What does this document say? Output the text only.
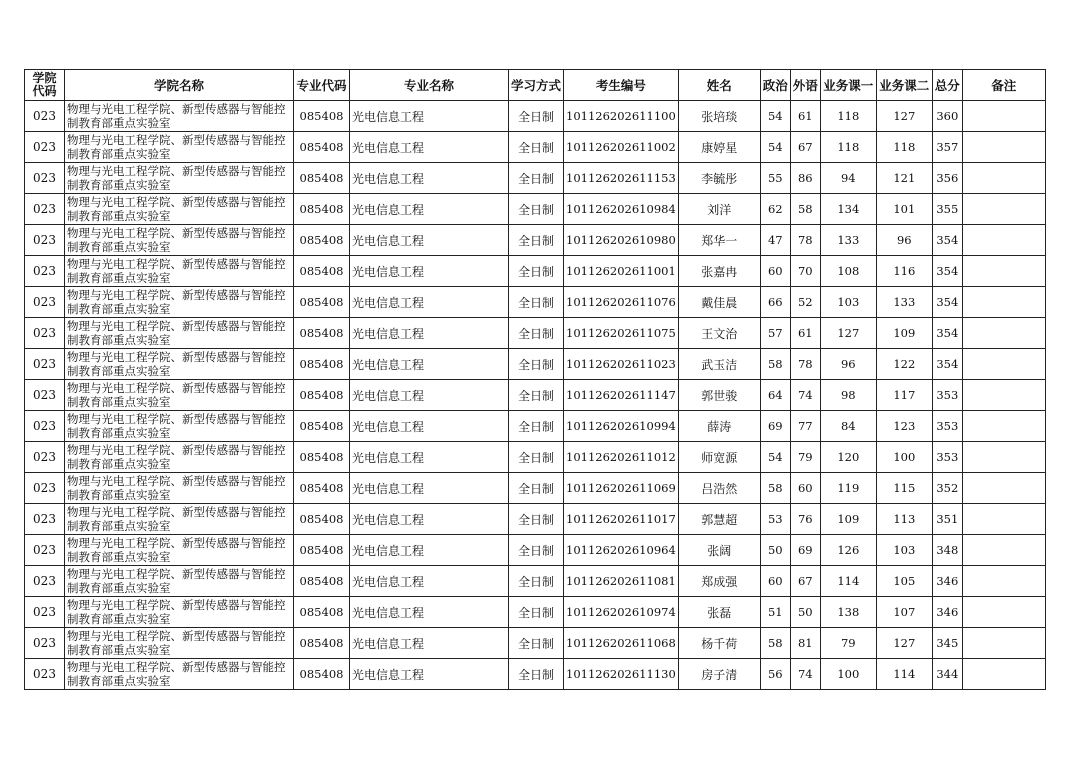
学院代码	学院名称	专业代码	专业名称	学习方式	考生编号	姓名	政治	外语	业务课一	业务课二	总分	备注
023	物理与光电工程学院、新型传感器与智能控制教育部重点实验室	085408	光电信息工程	全日制	101126202611100	张培琰	54	61	118	127	360	
023	物理与光电工程学院、新型传感器与智能控制教育部重点实验室	085408	光电信息工程	全日制	101126202611002	康婷星	54	67	118	118	357	
023	物理与光电工程学院、新型传感器与智能控制教育部重点实验室	085408	光电信息工程	全日制	101126202611153	李毓彤	55	86	94	121	356	
023	物理与光电工程学院、新型传感器与智能控制教育部重点实验室	085408	光电信息工程	全日制	101126202610984	刘洋	62	58	134	101	355	
023	物理与光电工程学院、新型传感器与智能控制教育部重点实验室	085408	光电信息工程	全日制	101126202610980	郑华一	47	78	133	96	354	
023	物理与光电工程学院、新型传感器与智能控制教育部重点实验室	085408	光电信息工程	全日制	101126202611001	张嘉冉	60	70	108	116	354	
023	物理与光电工程学院、新型传感器与智能控制教育部重点实验室	085408	光电信息工程	全日制	101126202611076	戴佳晨	66	52	103	133	354	
023	物理与光电工程学院、新型传感器与智能控制教育部重点实验室	085408	光电信息工程	全日制	101126202611075	王文治	57	61	127	109	354	
023	物理与光电工程学院、新型传感器与智能控制教育部重点实验室	085408	光电信息工程	全日制	101126202611023	武玉洁	58	78	96	122	354	
023	物理与光电工程学院、新型传感器与智能控制教育部重点实验室	085408	光电信息工程	全日制	101126202611147	郭世骏	64	74	98	117	353	
023	物理与光电工程学院、新型传感器与智能控制教育部重点实验室	085408	光电信息工程	全日制	101126202610994	薛涛	69	77	84	123	353	
023	物理与光电工程学院、新型传感器与智能控制教育部重点实验室	085408	光电信息工程	全日制	101126202611012	师宽源	54	79	120	100	353	
023	物理与光电工程学院、新型传感器与智能控制教育部重点实验室	085408	光电信息工程	全日制	101126202611069	吕浩然	58	60	119	115	352	
023	物理与光电工程学院、新型传感器与智能控制教育部重点实验室	085408	光电信息工程	全日制	101126202611017	郭慧超	53	76	109	113	351	
023	物理与光电工程学院、新型传感器与智能控制教育部重点实验室	085408	光电信息工程	全日制	101126202610964	张阔	50	69	126	103	348	
023	物理与光电工程学院、新型传感器与智能控制教育部重点实验室	085408	光电信息工程	全日制	101126202611081	郑成强	60	67	114	105	346	
023	物理与光电工程学院、新型传感器与智能控制教育部重点实验室	085408	光电信息工程	全日制	101126202610974	张磊	51	50	138	107	346	
023	物理与光电工程学院、新型传感器与智能控制教育部重点实验室	085408	光电信息工程	全日制	101126202611068	杨千荷	58	81	79	127	345	
023	物理与光电工程学院、新型传感器与智能控制教育部重点实验室	085408	光电信息工程	全日制	101126202611130	房子清	56	74	100	114	344	
